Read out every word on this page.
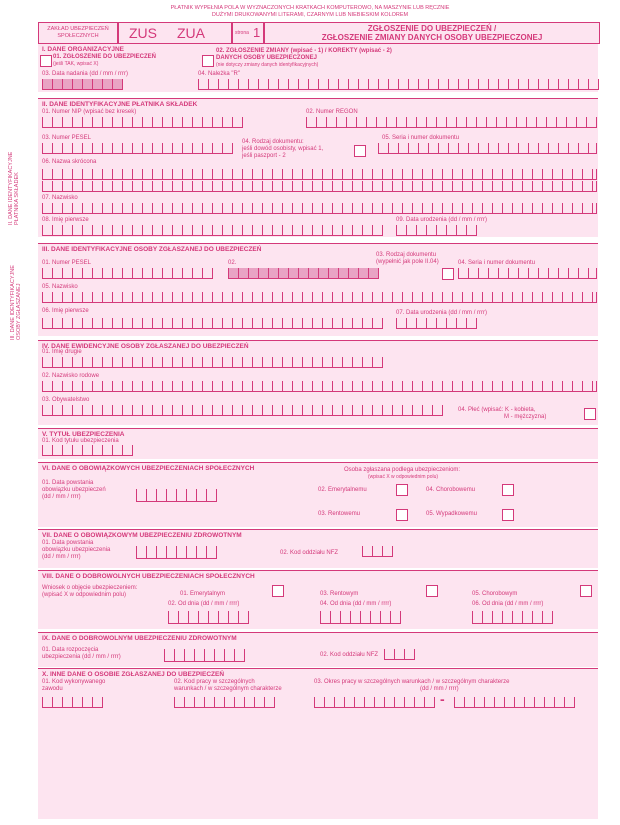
PŁATNIK WYPEŁNIA POLA W WYZNACZONYCH KRATKACH KOMPUTEROWO, NA MASZYNIE LUB RĘCZNIE
DUŻYMI DRUKOWANYMI LITERAMI, CZARNYM LUB NIEBIESKIM KOLOREM
ZAKŁAD UBEZPIECZEŃ
SPOŁECZNYCH	ZUS ZUA	strona 1	ZGŁOSZENIE DO UBEZPIECZEŃ /
ZGŁOSZENIE ZMIANY DANYCH OSOBY UBEZPIECZONEJ
I. DANE ORGANIZACYJNE
01. ZGŁOSZENIE DO UBEZPIECZEŃ
(jeśli TAK, wpisać X)
02. ZGŁOSZENIE ZMIANY (wpisać - 1) / KOREKTY (wpisać - 2)
DANYCH OSOBY UBEZPIECZONEJ
(nie dotyczy zmiany danych identyfikacyjnych)
03. Data nadania (dd / mm / rrrr)	04. Należka "R"
II. DANE IDENTYFIKACYJNE PŁATNIKA SKŁADEK
II. DANE IDENTYFIKACYJNE PŁATNIKA SKŁADEK
01. Numer NIP (wpisać bez kresek)	02. Numer REGON
03. Numer PESEL
04. Rodzaj dokumentu:
jeśli dowód osobisty, wpisać 1,
jeśli paszport - 2
05. Seria i numer dokumentu
06. Nazwa skrócona
07. Nazwisko
08. Imię pierwsze	09. Data urodzenia (dd / mm / rrrr)
III. DANE IDENTYFIKACYJNE OSOBY ZGŁASZANEJ
III. DANE IDENTYFIKACYJNE OSOBY ZGŁASZANEJ DO UBEZPIECZEŃ
01. Numer PESEL	02.
03. Rodzaj dokumentu
(wypełnić jak pole II.04)	04. Seria i numer dokumentu
05. Nazwisko
06. Imię pierwsze	07. Data urodzenia (dd / mm / rrrr)
IV. DANE EWIDENCYJNE OSOBY ZGŁASZANEJ DO UBEZPIECZEŃ
01. Imię drugie
02. Nazwisko rodowe
03. Obywatelstwo
04. Płeć (wpisać: K - kobieta,
M - mężczyzna)
V. TYTUŁ UBEZPIECZENIA
01. Kod tytułu ubezpieczenia
VI. DANE O OBOWIĄZKOWYCH UBEZPIECZENIACH SPOŁECZNYCH
01. Data powstania
obowiązku ubezpieczeń
(dd / mm / rrrr)
Osoba zgłaszana podlega ubezpieczeniom:
(wpisać X w odpowiednim polu)
02. Emerytalnemu	04. Chorobowemu
03. Rentowemu	05. Wypadkowemu
VII. DANE O OBOWIĄZKOWYM UBEZPIECZENIU ZDROWOTNYM
01. Data powstania
obowiązku ubezpieczenia
(dd / mm / rrrr)
02. Kod oddziału NFZ
VIII. DANE O DOBROWOLNYCH UBEZPIECZENIACH SPOŁECZNYCH
Wniosek o objęcie ubezpieczeniem:
(wpisać X w odpowiednim polu)	01. Emerytalnym	03. Rentowym	05. Chorobowym
02. Od dnia (dd / mm / rrrr)	04. Od dnia (dd / mm / rrrr)	06. Od dnia (dd / mm / rrrr)
IX. DANE O DOBROWOLNYM UBEZPIECZENIU ZDROWOTNYM
01. Data rozpoczęcia
ubezpieczenia (dd / mm / rrrr)	02. Kod oddziału NFZ
X. INNE DANE O OSOBIE ZGŁASZANEJ DO UBEZPIECZEŃ
01. Kod wykonywanego
zawodu
02. Kod pracy w szczególnych
warunkach / w szczególnym charakterze
03. Okres pracy w szczególnych warunkach / w szczególnym charakterze
(dd / mm / rrrr)
-
